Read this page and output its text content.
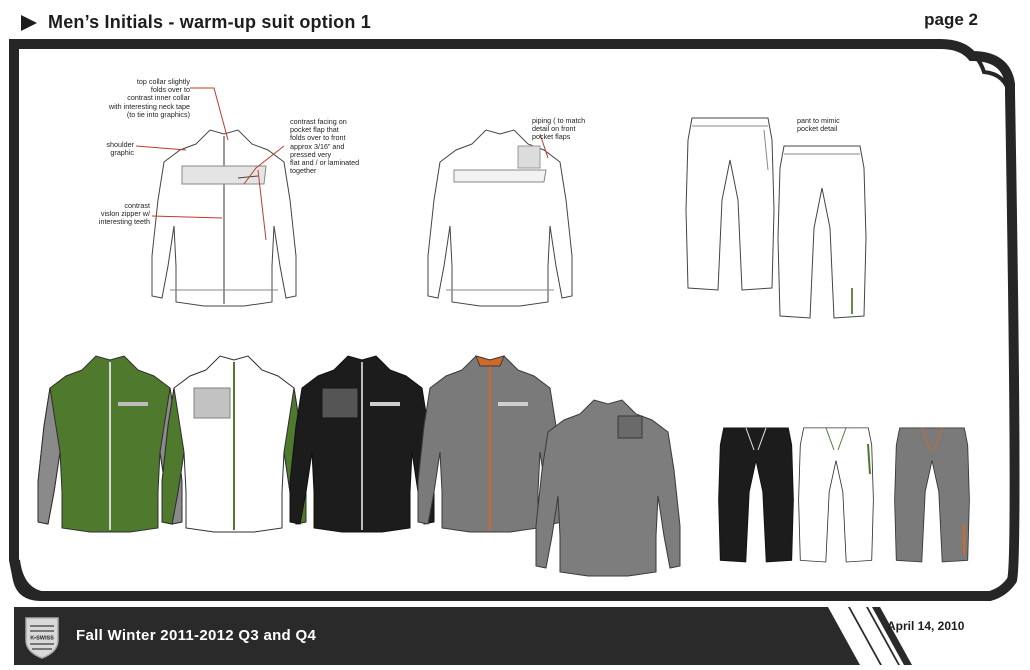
Men’s Initials - warm-up suit option 1	page 2
top collar slightly
folds over to
contrast inner collar
with interesting neck tape
(to tie into graphics)
shoulder
graphic
contrast
vislon zipper w/
interesting teeth
contrast facing on
pocket flap that
folds over to front
approx 3/16” and
pressed very
flat and / or laminated
together
piping ( to match
detail on front
pocket flaps
pant to mimic
pocket detail
K•SWISS Fall Winter 2011-2012 Q3 and Q4
April 14, 2010
